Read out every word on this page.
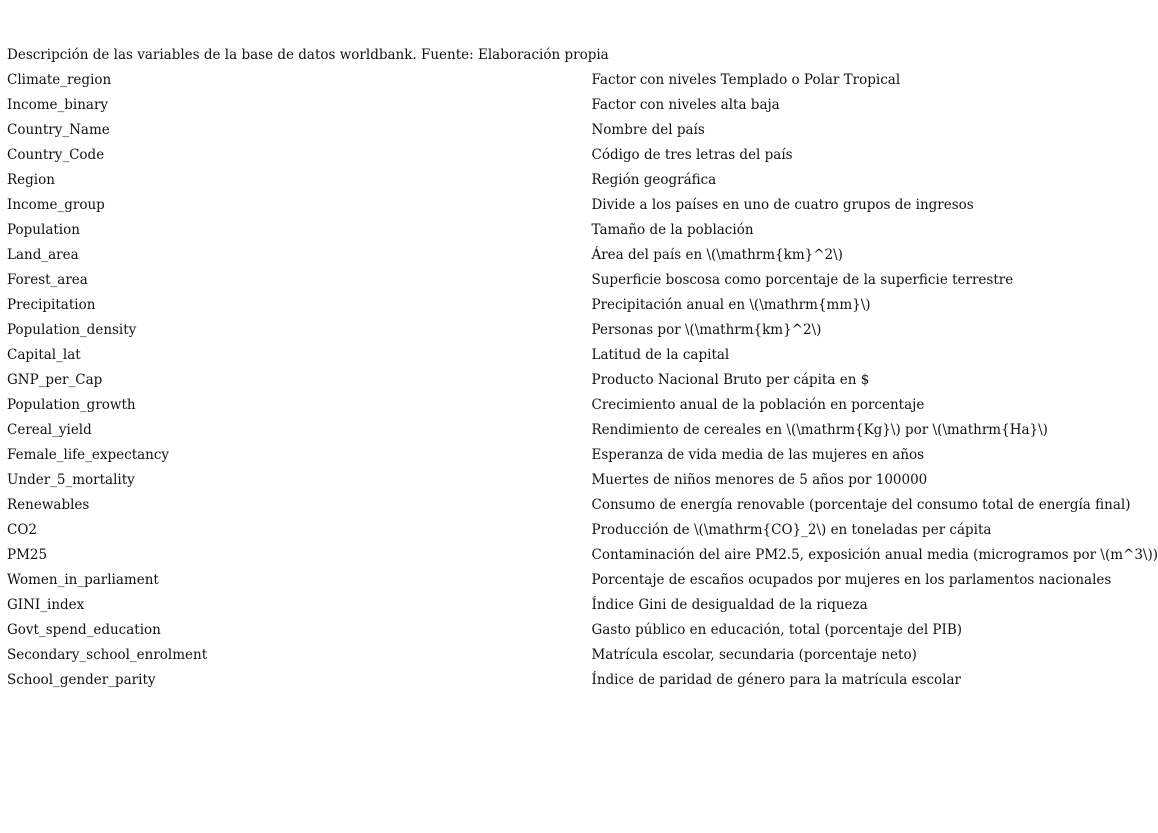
Descripción de las variables de la base de datos worldbank. Fuente: Elaboración propia

Climate_region	Factor con niveles Templado o Polar Tropical
Income_binary	Factor con niveles alta baja
Country_Name	Nombre del país
Country_Code	Código de tres letras del país
Region	Región geográfica
Income_group	Divide a los países en uno de cuatro grupos de ingresos
Population	Tamaño de la población
Land_area	Área del país en \(\mathrm{km}^2\)
Forest_area	Superficie boscosa como porcentaje de la superficie terrestre
Precipitation	Precipitación anual en \(\mathrm{mm}\)
Population_density	Personas por \(\mathrm{km}^2\)
Capital_lat	Latitud de la capital
GNP_per_Cap	Producto Nacional Bruto per cápita en $
Population_growth	Crecimiento anual de la población en porcentaje
Cereal_yield	Rendimiento de cereales en \(\mathrm{Kg}\) por \(\mathrm{Ha}\)
Female_life_expectancy	Esperanza de vida media de las mujeres en años
Under_5_mortality	Muertes de niños menores de 5 años por 100000
Renewables	Consumo de energía renovable (porcentaje del consumo total de energía final)
CO2	Producción de \(\mathrm{CO}_2\) en toneladas per cápita
PM25	Contaminación del aire PM2.5, exposición anual media (microgramos por \(m^3\))
Women_in_parliament	Porcentaje de escaños ocupados por mujeres en los parlamentos nacionales
GINI_index	Índice Gini de desigualdad de la riqueza
Govt_spend_education	Gasto público en educación, total (porcentaje del PIB)
Secondary_school_enrolment	Matrícula escolar, secundaria (porcentaje neto)
School_gender_parity	Índice de paridad de género para la matrícula escolar
